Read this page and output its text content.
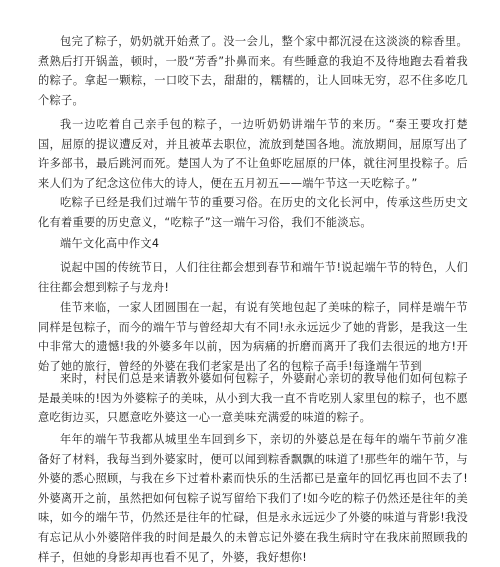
包完了粽子，奶奶就开始煮了。没一会儿，整个家中都沉浸在这淡淡的粽香里。煮熟后打开锅盖，顿时，一股“芳香”扑鼻而来。有些睡意的我迫不及待地跑去看着我的粽子。拿起一颗粽，一口咬下去，甜甜的，糯糯的，让人回味无穷，忍不住多吃几个粽子。

我一边吃着自己亲手包的粽子，一边听奶奶讲端午节的来历。“秦王要攻打楚国，屈原的提议遭反对，并且被革去职位，流放到楚国各地。流放期间，屈原写出了许多部书，最后跳河而死。楚国人为了不让鱼虾吃屈原的尸体，就往河里投粽子。后来人们为了纪念这位伟大的诗人，便在五月初五——端午节这一天吃粽子。”

吃粽子已经是我们过端午节的重要习俗。在历史的文化长河中，传承这些历史文化有着重要的历史意义，“吃粽子”这一端午习俗，我们不能淡忘。

端午文化高中作文4

说起中国的传统节日，人们往往都会想到春节和端午节!说起端午节的特色，人们往往都会想到粽子与龙舟!

佳节来临，一家人团圆围在一起，有说有笑地包起了美味的粽子，同样是端午节同样是包粽子，而今的端午节与曾经却大有不同!永永远远少了她的背影，是我这一生中非常大的遗憾!我的外婆多年以前，因为病痛的折磨而离开了我们去很远的地方!开始了她的旅行，曾经的外婆在我们老家是出了名的包粽子高手!每逢端午节到

来时，村民们总是来请教外婆如何包粽子，外婆耐心亲切的教导他们如何包粽子是最美味的!因为外婆粽子的美味，从小到大我一直不肯吃别人家里包的粽子，也不愿意吃街边买，只愿意吃外婆这一心一意美味充满爱的味道的粽子。

年年的端午节我都从城里坐车回到乡下，亲切的外婆总是在每年的端午节前夕准备好了材料，我每当到外婆家时，便可以闻到粽香飘飘的味道了!那些年的端午节，与外婆的悉心照顾，与我在乡下过着朴素而快乐的生活都已是童年的回忆再也回不去了!外婆离开之前，虽然把如何包粽子说写留给下我们了!如今吃的粽子仍然还是往年的美味，如今的端午节，仍然还是往年的忙碌，但是永永远远少了外婆的味道与背影!我没有忘记从小外婆陪伴我的时间是最久的未曾忘记外婆在我生病时守在我床前照顾我的样子，但她的身影却再也看不见了，外婆，我好想你!
